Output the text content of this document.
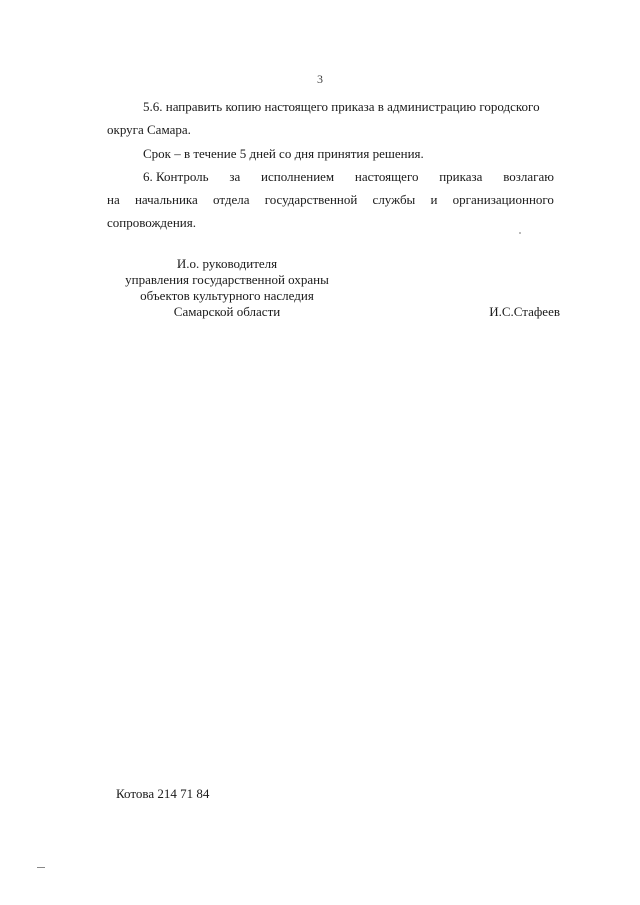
3
5.6. направить копию настоящего приказа в администрацию городского
округа Самара.
Срок – в течение 5 дней со дня принятия решения.
6. Контроль за исполнением настоящего приказа возлагаю
на начальника отдела государственной службы и организационного
сопровождения.
И.о. руководителя
управления государственной охраны
объектов культурного наследия
Самарской области	И.С.Стафеев
Котова 214 71 84
